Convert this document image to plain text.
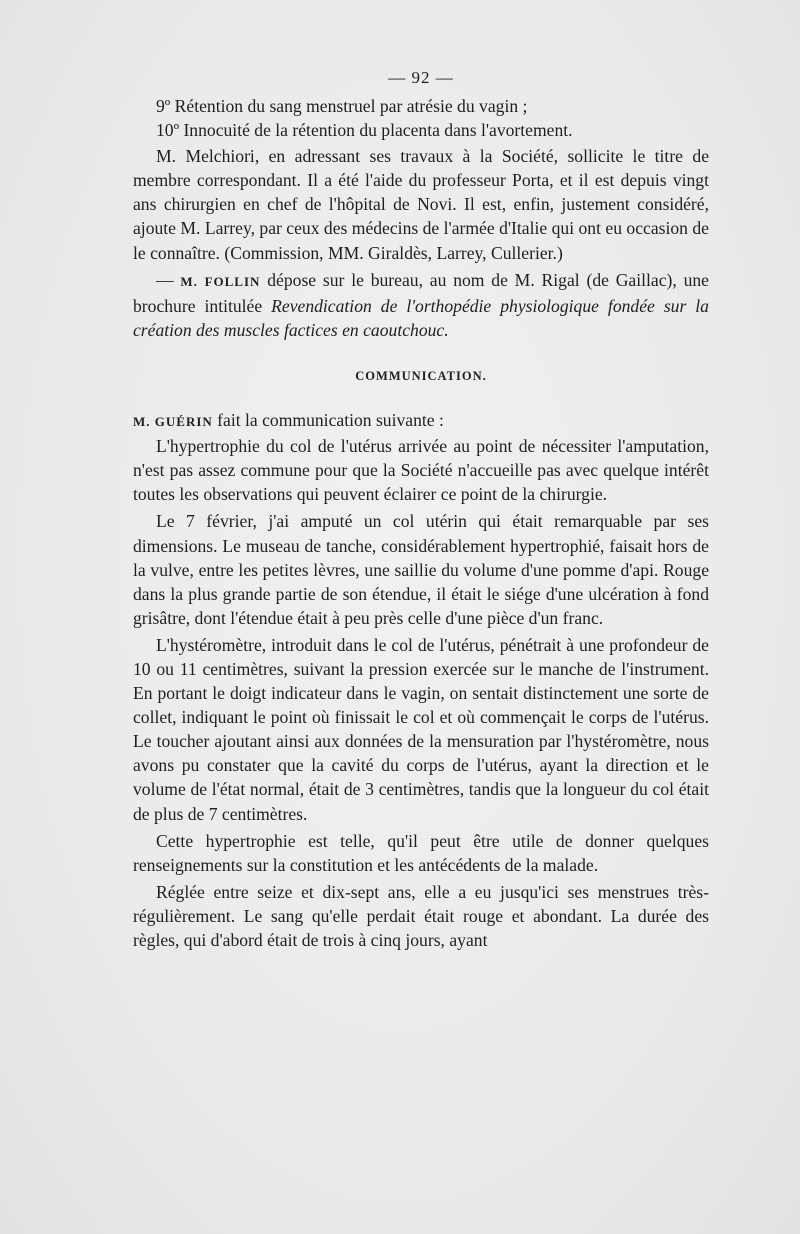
— 92 —

9º Rétention du sang menstruel par atrésie du vagin ;

10º Innocuité de la rétention du placenta dans l'avortement.

M. Melchiori, en adressant ses travaux à la Société, sollicite le titre de membre correspondant. Il a été l'aide du professeur Porta, et il est depuis vingt ans chirurgien en chef de l'hôpital de Novi. Il est, enfin, justement considéré, ajoute M. Larrey, par ceux des médecins de l'armée d'Italie qui ont eu occasion de le connaître. (Commission, MM. Giraldès, Larrey, Cullerier.)

— M. FOLLIN dépose sur le bureau, au nom de M. Rigal (de Gaillac), une brochure intitulée Revendication de l'orthopédie physiologique fondée sur la création des muscles factices en caoutchouc.

COMMUNICATION.

M. GUÉRIN fait la communication suivante :

L'hypertrophie du col de l'utérus arrivée au point de nécessiter l'amputation, n'est pas assez commune pour que la Société n'accueille pas avec quelque intérêt toutes les observations qui peuvent éclairer ce point de la chirurgie.

Le 7 février, j'ai amputé un col utérin qui était remarquable par ses dimensions. Le museau de tanche, considérablement hypertrophié, faisait hors de la vulve, entre les petites lèvres, une saillie du volume d'une pomme d'api. Rouge dans la plus grande partie de son étendue, il était le siége d'une ulcération à fond grisâtre, dont l'étendue était à peu près celle d'une pièce d'un franc.

L'hystéromètre, introduit dans le col de l'utérus, pénétrait à une profondeur de 10 ou 11 centimètres, suivant la pression exercée sur le manche de l'instrument. En portant le doigt indicateur dans le vagin, on sentait distinctement une sorte de collet, indiquant le point où finissait le col et où commençait le corps de l'utérus. Le toucher ajoutant ainsi aux données de la mensuration par l'hystéromètre, nous avons pu constater que la cavité du corps de l'utérus, ayant la direction et le volume de l'état normal, était de 3 centimètres, tandis que la longueur du col était de plus de 7 centimètres.

Cette hypertrophie est telle, qu'il peut être utile de donner quelques renseignements sur la constitution et les antécédents de la malade.

Réglée entre seize et dix-sept ans, elle a eu jusqu'ici ses menstrues très-régulièrement. Le sang qu'elle perdait était rouge et abondant. La durée des règles, qui d'abord était de trois à cinq jours, ayant
